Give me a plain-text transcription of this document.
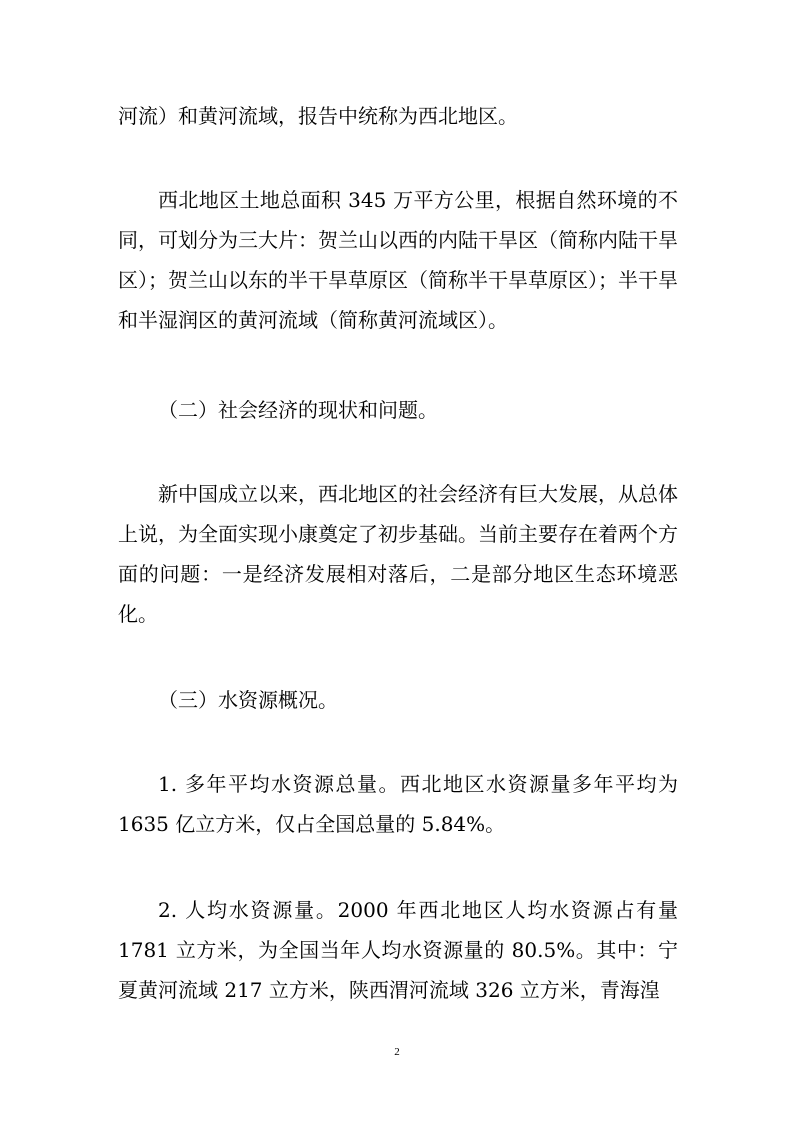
河流）和黄河流域，报告中统称为西北地区。

西北地区土地总面积 345 万平方公里，根据自然环境的不同，可划分为三大片：贺兰山以西的内陆干旱区（简称内陆干旱区）；贺兰山以东的半干旱草原区（简称半干旱草原区）；半干旱和半湿润区的黄河流域（简称黄河流域区）。

（二）社会经济的现状和问题。

新中国成立以来，西北地区的社会经济有巨大发展，从总体上说，为全面实现小康奠定了初步基础。当前主要存在着两个方面的问题：一是经济发展相对落后，二是部分地区生态环境恶化。

（三）水资源概况。

1. 多年平均水资源总量。西北地区水资源量多年平均为 1635 亿立方米，仅占全国总量的 5.84%。

2. 人均水资源量。2000 年西北地区人均水资源占有量 1781 立方米，为全国当年人均水资源量的 80.5%。其中：宁夏黄河流域 217 立方米，陕西渭河流域 326 立方米，青海湟

2
